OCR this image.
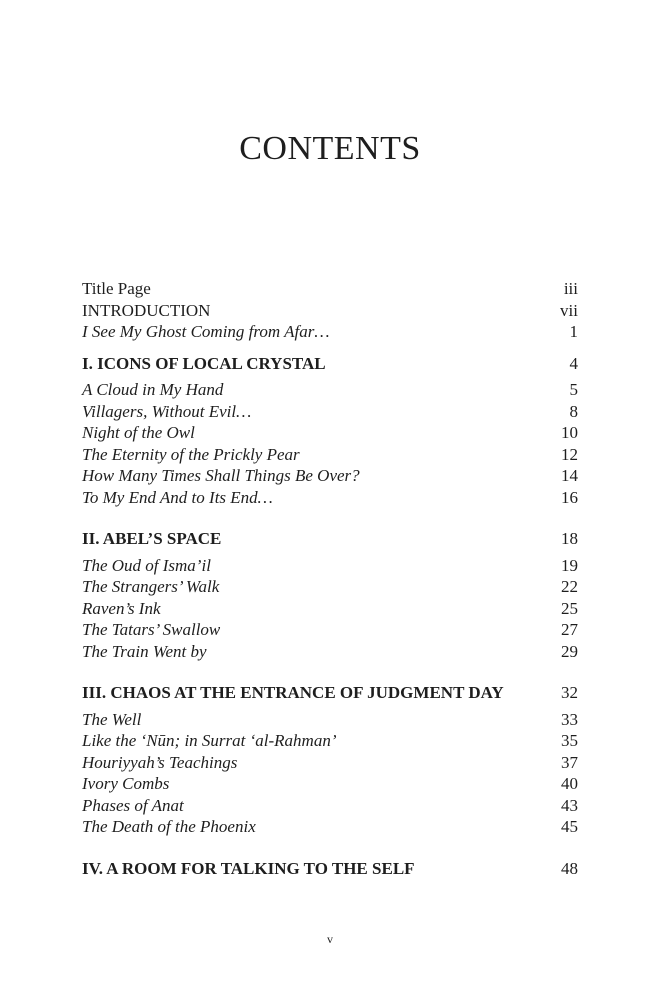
CONTENTS
Title Page	iii
INTRODUCTION	vii
I See My Ghost Coming from Afar…	1
I. ICONS OF LOCAL CRYSTAL	4
A Cloud in My Hand	5
Villagers, Without Evil…	8
Night of the Owl	10
The Eternity of the Prickly Pear	12
How Many Times Shall Things Be Over?	14
To My End And to Its End…	16
II. ABEL’S SPACE	18
The Oud of Isma’il	19
The Strangers’ Walk	22
Raven’s Ink	25
The Tatars’ Swallow	27
The Train Went by	29
III. CHAOS AT THE ENTRANCE OF JUDGMENT DAY	32
The Well	33
Like the ‘Nūn; in Surrat ‘al-Rahman’	35
Houriyyah’s Teachings	37
Ivory Combs	40
Phases of Anat	43
The Death of the Phoenix	45
IV. A ROOM FOR TALKING TO THE SELF	48
v
